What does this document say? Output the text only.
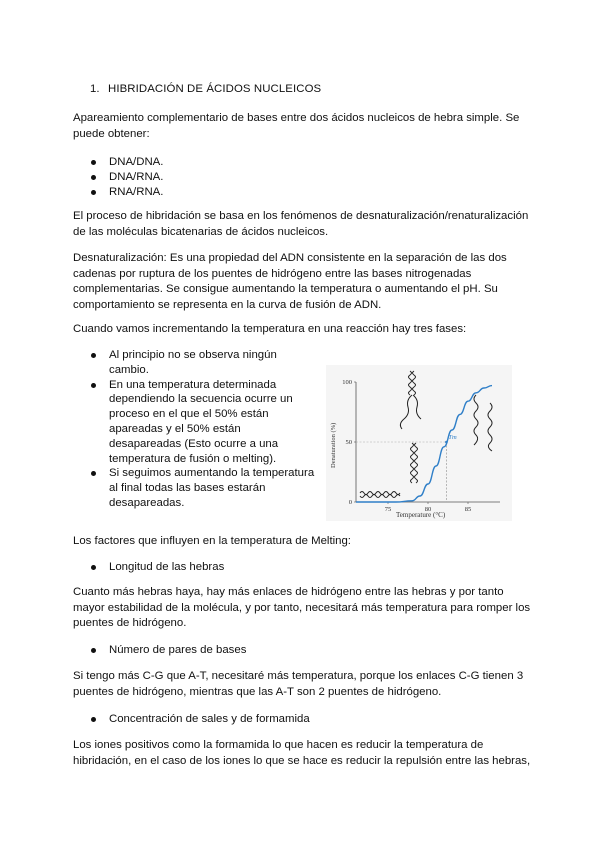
1. HIBRIDACIÓN DE ÁCIDOS NUCLEICOS

Apareamiento complementario de bases entre dos ácidos nucleicos de hebra simple. Se puede obtener:

DNA/DNA.
DNA/RNA.
RNA/RNA.

El proceso de hibridación se basa en los fenómenos de desnaturalización/renaturalización de las moléculas bicatenarias de ácidos nucleicos.

Desnaturalización: Es una propiedad del ADN consistente en la separación de las dos cadenas por ruptura de los puentes de hidrógeno entre las bases nitrogenadas complementarias. Se consigue aumentando la temperatura o aumentando el pH. Su comportamiento se representa en la curva de fusión de ADN.

Cuando vamos incrementando la temperatura en una reacción hay tres fases:

Al principio no se observa ningún cambio.
En una temperatura determinada dependiendo la secuencia ocurre un proceso en el que el 50% están apareadas y el 50% están desapareadas (Esto ocurre a una temperatura de fusión o melting).
Si seguimos aumentando la temperatura al final todas las bases estarán desapareadas.
100
50
0
75	80	85
Tm
Denaturation (%)
Temperature (°C)

Los factores que influyen en la temperatura de Melting:

Longitud de las hebras

Cuanto más hebras haya, hay más enlaces de hidrógeno entre las hebras y por tanto mayor estabilidad de la molécula, y por tanto, necesitará más temperatura para romper los puentes de hidrógeno.

Número de pares de bases

Si tengo más C-G que A-T, necesitaré más temperatura, porque los enlaces C-G tienen 3 puentes de hidrógeno, mientras que las A-T son 2 puentes de hidrógeno.

Concentración de sales y de formamida

Los iones positivos como la formamida lo que hacen es reducir la temperatura de hibridación, en el caso de los iones lo que se hace es reducir la repulsión entre las hebras,
